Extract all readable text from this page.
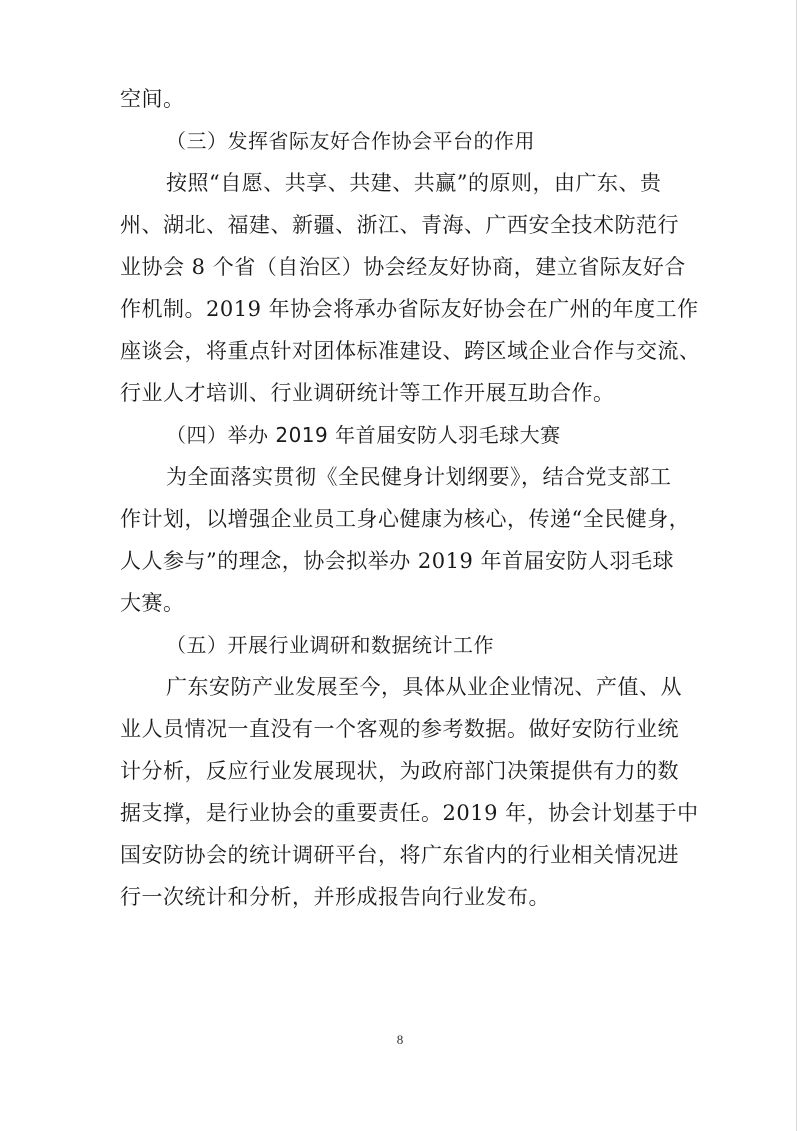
空间。
（三）发挥省际友好合作协会平台的作用
按照“自愿、共享、共建、共赢”的原则，由广东、贵
州、湖北、福建、新疆、浙江、青海、广西安全技术防范行
业协会 8 个省（自治区）协会经友好协商，建立省际友好合
作机制。2019 年协会将承办省际友好协会在广州的年度工作
座谈会，将重点针对团体标准建设、跨区域企业合作与交流、
行业人才培训、行业调研统计等工作开展互助合作。
（四）举办 2019 年首届安防人羽毛球大赛
为全面落实贯彻《全民健身计划纲要》，结合党支部工
作计划，以增强企业员工身心健康为核心，传递“全民健身，
人人参与”的理念，协会拟举办 2019 年首届安防人羽毛球
大赛。
（五）开展行业调研和数据统计工作
广东安防产业发展至今，具体从业企业情况、产值、从
业人员情况一直没有一个客观的参考数据。做好安防行业统
计分析，反应行业发展现状，为政府部门决策提供有力的数
据支撑，是行业协会的重要责任。2019 年，协会计划基于中
国安防协会的统计调研平台，将广东省内的行业相关情况进
行一次统计和分析，并形成报告向行业发布。
8
